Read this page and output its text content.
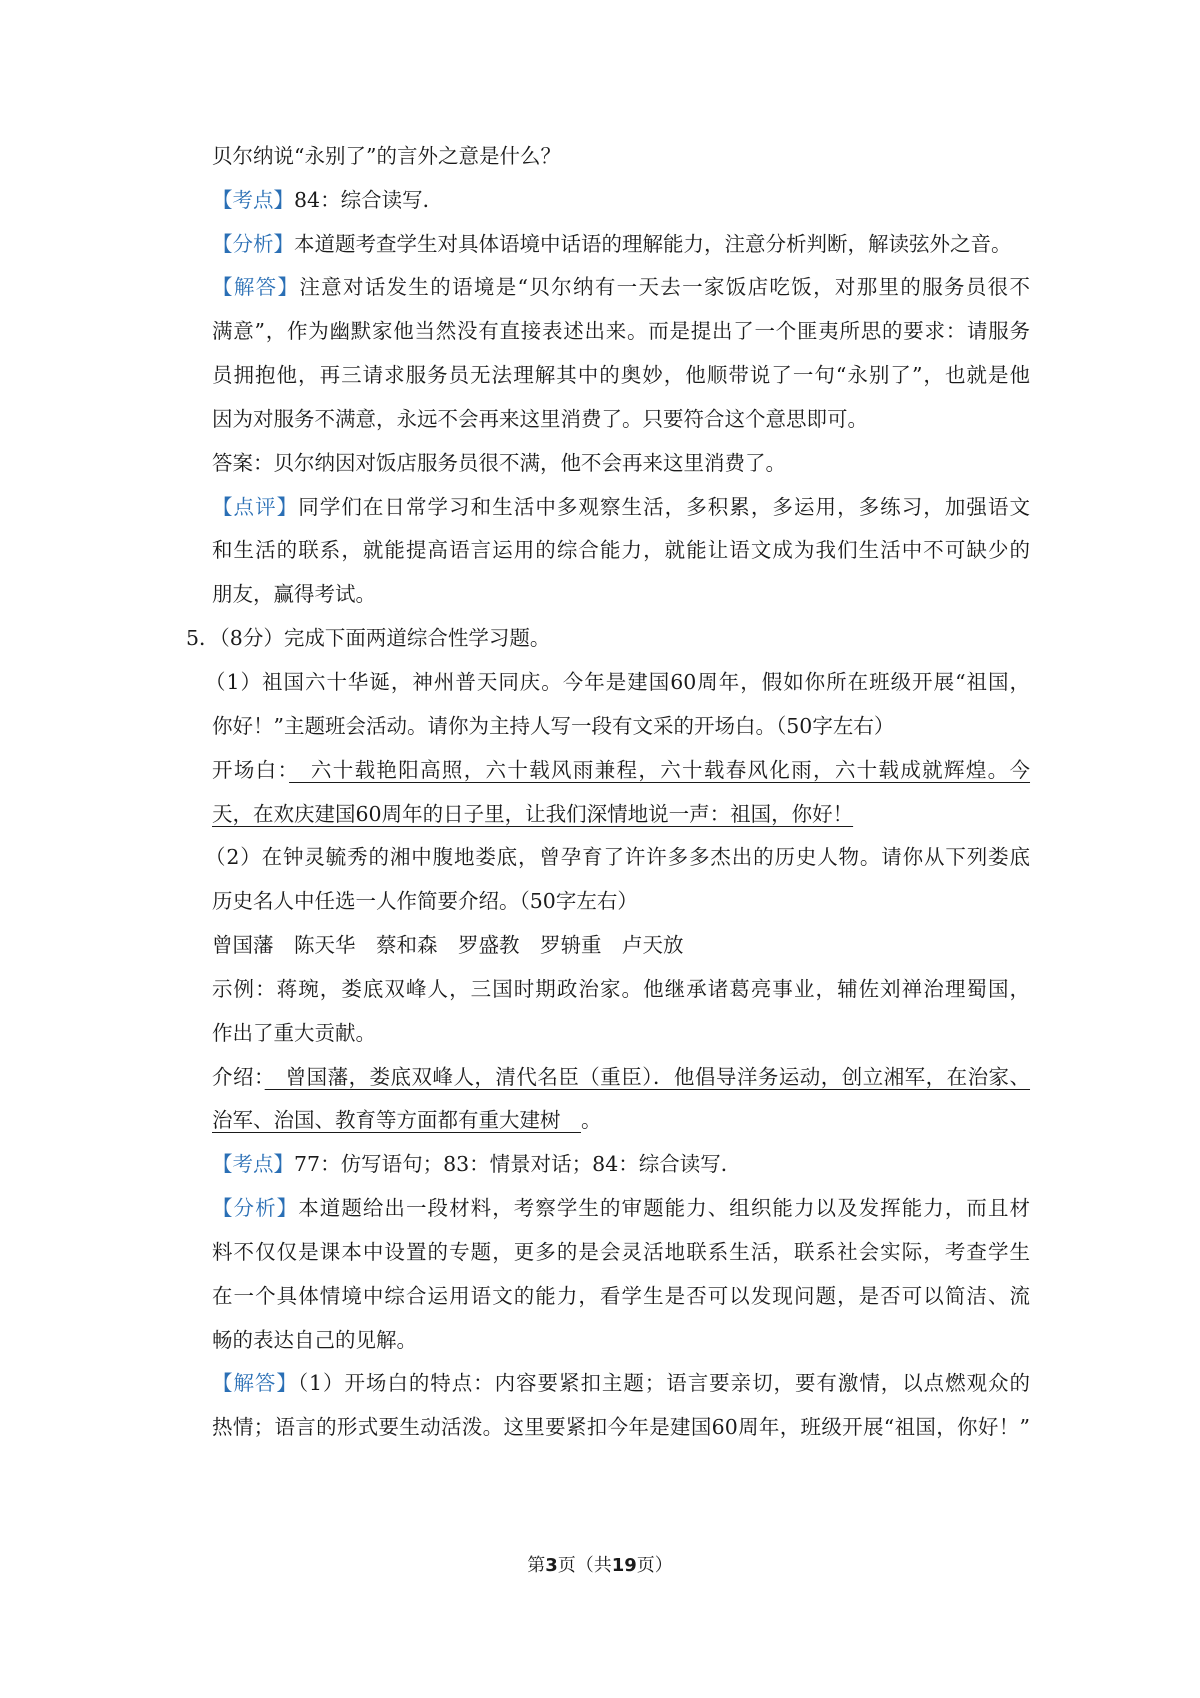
贝尔纳说“永别了”的言外之意是什么？
【考点】84：综合读写．
【分析】本道题考查学生对具体语境中话语的理解能力，注意分析判断，解读弦外之音。
【解答】注意对话发生的语境是“贝尔纳有一天去一家饭店吃饭，对那里的服务员很不
满意”，作为幽默家他当然没有直接表述出来。而是提出了一个匪夷所思的要求：请服务
员拥抱他，再三请求服务员无法理解其中的奥妙，他顺带说了一句“永别了”，也就是他
因为对服务不满意，永远不会再来这里消费了。只要符合这个意思即可。
答案：贝尔纳因对饭店服务员很不满，他不会再来这里消费了。
【点评】同学们在日常学习和生活中多观察生活，多积累，多运用，多练习，加强语文
和生活的联系，就能提高语言运用的综合能力，就能让语文成为我们生活中不可缺少的
朋友，赢得考试。
5．（8分）完成下面两道综合性学习题。
（1）祖国六十华诞，神州普天同庆。今年是建国60周年，假如你所在班级开展“祖国，
你好！”主题班会活动。请你为主持人写一段有文采的开场白。（50字左右）
开场白：　六十载艳阳高照，六十载风雨兼程，六十载春风化雨，六十载成就辉煌。今
天，在欢庆建国60周年的日子里，让我们深情地说一声：祖国，你好！
（2）在钟灵毓秀的湘中腹地娄底，曾孕育了许许多多杰出的历史人物。请你从下列娄底
历史名人中任选一人作简要介绍。（50字左右）
曾国藩　陈天华　蔡和森　罗盛教　罗辀重　卢天放
示例：蒋琬，娄底双峰人，三国时期政治家。他继承诸葛亮事业，辅佐刘禅治理蜀国，
作出了重大贡献。
介绍：　曾国藩，娄底双峰人，清代名臣（重臣）．他倡导洋务运动，创立湘军，在治家、
治军、治国、教育等方面都有重大建树　。
【考点】77：仿写语句；83：情景对话；84：综合读写．
【分析】本道题给出一段材料，考察学生的审题能力、组织能力以及发挥能力，而且材
料不仅仅是课本中设置的专题，更多的是会灵活地联系生活，联系社会实际，考查学生
在一个具体情境中综合运用语文的能力，看学生是否可以发现问题，是否可以简洁、流
畅的表达自己的见解。
【解答】（1）开场白的特点：内容要紧扣主题；语言要亲切，要有激情，以点燃观众的
热情；语言的形式要生动活泼。这里要紧扣今年是建国60周年，班级开展“祖国，你好！”
第3页（共19页）
